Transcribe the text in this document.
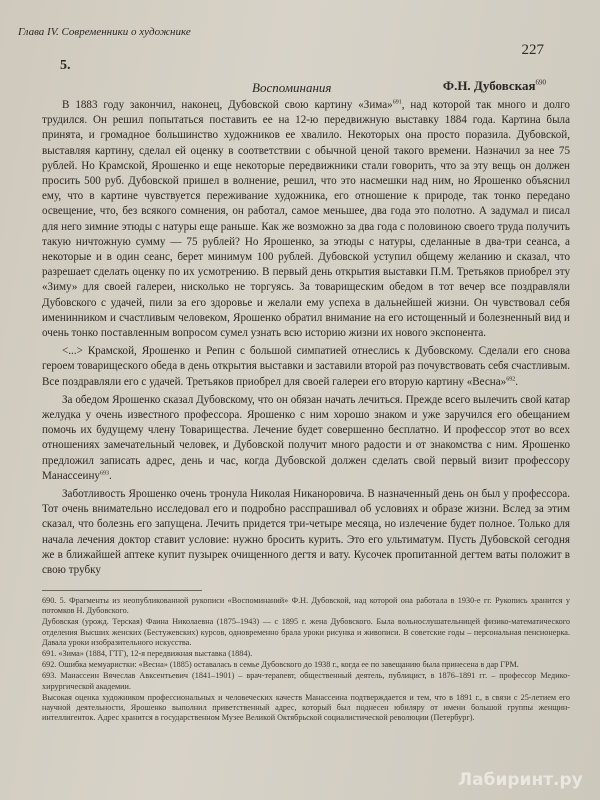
Глава IV. Современники о художнике
227
5.
Ф.Н. Дубовская$^{690}$
Воспоминания

В 1883 году закончил, наконец, Дубовской свою картину «Зима»$^{691}$, над которой так много и долго трудился. Он решил попытаться поставить ее на 12-ю передвижную выставку 1884 года. Картина была принята, и громадное большинство художников ее хвалило. Некоторых она просто поразила. Дубовской, выставляя картину, сделал ей оценку в соответствии с обычной ценой такого времени. Назначил за нее 75 рублей. Но Крамской, Ярошенко и еще некоторые передвижники стали говорить, что за эту вещь он должен просить 500 руб. Дубовской пришел в волнение, решил, что это насмешки над ним, но Ярошенко объяснил ему, что в картине чувствуется переживание художника, его отношение к природе, так тонко передано освещение, что, без всякого сомнения, он работал, самое меньшее, два года это полотно. А задумал и писал для него зимние этюды с натуры еще раньше. Как же возможно за два года с половиною своего труда получить такую ничтожную сумму — 75 рублей? Но Ярошенко, за этюды с натуры, сделанные в два-три сеанса, а некоторые и в один сеанс, берет минимум 100 рублей. Дубовской уступил общему желанию и сказал, что разрешает сделать оценку по их усмотрению. В первый день открытия выставки П.М. Третьяков приобрел эту «Зиму» для своей галереи, нисколько не торгуясь. За товарищеским обедом в тот вечер все поздравляли Дубовского с удачей, пили за его здоровье и желали ему успеха в дальнейшей жизни. Он чувствовал себя именинником и счастливым человеком, Ярошенко обратил внимание на его истощенный и болезненный вид и очень тонко поставленным вопросом сумел узнать всю историю жизни их нового экспонента.

<...> Крамской, Ярошенко и Репин с большой симпатией отнеслись к Дубовскому. Сделали его снова героем товарищеского обеда в день открытия выставки и заставили второй раз почувствовать себя счастливым. Все поздравляли его с удачей. Третьяков приобрел для своей галереи его вторую картину «Весна»$^{692}$.

За обедом Ярошенко сказал Дубовскому, что он обязан начать лечиться. Прежде всего вылечить свой катар желудка у очень известного профессора. Ярошенко с ним хорошо знаком и уже заручился его обещанием помочь их будущему члену Товарищества. Лечение будет совершенно бесплатно. И профессор этот во всех отношениях замечательный человек, и Дубовской получит много радости и от знакомства с ним. Ярошенко предложил записать адрес, день и час, когда Дубовской должен сделать свой первый визит профессору Манассеину$^{693}$.

Заботливость Ярошенко очень тронула Николая Никаноровича. В назначенный день он был у профессора. Тот очень внимательно исследовал его и подробно расспрашивал об условиях и образе жизни. Вслед за этим сказал, что болезнь его запущена. Лечить придется три-четыре месяца, но излечение будет полное. Только для начала лечения доктор ставит условие: нужно бросить курить. Это его ультиматум. Пусть Дубовской сегодня же в ближайшей аптеке купит пузырек очищенного дегтя и вату. Кусочек пропитанной дегтем ваты положит в свою трубку

690. 5. Фрагменты из неопубликованной рукописи «Воспоминаний» Ф.Н. Дубовской, над которой она работала в 1930-е гг. Рукопись хранится у потомков Н. Дубовского.

Дубовская (урожд. Терская) Фаина Николаевна (1875–1943) — с 1895 г. жена Дубовского. Была вольнослушательницей физико-математического отделения Высших женских (Бестужевских) курсов, одновременно брала уроки рисунка и живописи. В советские годы – персональная пенсионерка. Давала уроки изобразительного искусства.

691. «Зима» (1884, ГТГ), 12-я передвижная выставка (1884).

692. Ошибка мемуаристки: «Весна» (1885) оставалась в семье Дубовского до 1938 г., когда ее по завещанию была принесена в дар ГРМ.

693. Манассеин Вячеслав Авксентьевич (1841–1901) – врач-терапевт, общественный деятель, публицист, в 1876–1891 гг. – профессор Медико-хирургической академии.

Высокая оценка художником профессиональных и человеческих качеств Манассеина подтверждается и тем, что в 1891 г., в связи с 25-летием его научной деятельности, Ярошенко выполнил приветственный адрес, который был поднесен юбиляру от имени большой группы женщин-интеллигенток. Адрес хранится в государственном Музее Великой Октябрьской социалистической революции (Петербург).

Лабиринт.ру
